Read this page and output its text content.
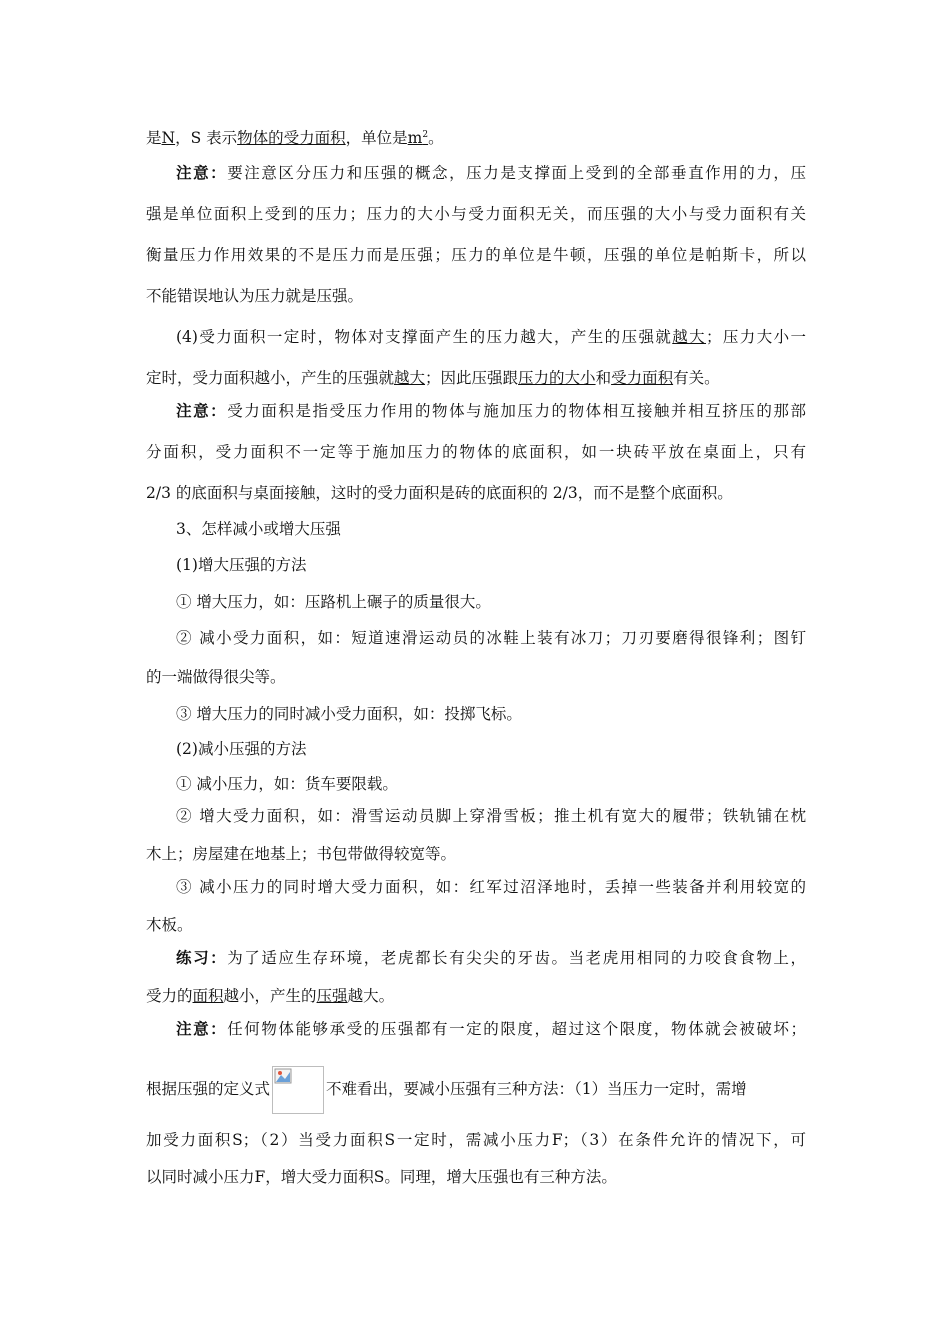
是N，S 表示物体的受力面积，单位是$m^2$。
注意：要注意区分压力和压强的概念，压力是支撑面上受到的全部垂直作用的力，压
强是单位面积上受到的压力；压力的大小与受力面积无关，而压强的大小与受力面积有关
衡量压力作用效果的不是压力而是压强；压力的单位是牛顿，压强的单位是帕斯卡，所以
不能错误地认为压力就是压强。
(4)受力面积一定时，物体对支撑面产生的压力越大，产生的压强就越大；压力大小一
定时，受力面积越小，产生的压强就越大；因此压强跟压力的大小和受力面积有关。
注意：受力面积是指受压力作用的物体与施加压力的物体相互接触并相互挤压的那部
分面积，受力面积不一定等于施加压力的物体的底面积，如一块砖平放在桌面上，只有
2/3 的底面积与桌面接触，这时的受力面积是砖的底面积的 2/3，而不是整个底面积。
3、怎样减小或增大压强
(1)增大压强的方法
① 增大压力，如：压路机上碾子的质量很大。
② 减小受力面积，如：短道速滑运动员的冰鞋上装有冰刀；刀刃要磨得很锋利；图钉
的一端做得很尖等。
③ 增大压力的同时减小受力面积，如：投掷飞标。
(2)减小压强的方法
① 减小压力，如：货车要限载。
② 增大受力面积，如：滑雪运动员脚上穿滑雪板；推土机有宽大的履带；铁轨铺在枕
木上；房屋建在地基上；书包带做得较宽等。
③ 减小压力的同时增大受力面积，如：红军过沼泽地时，丢掉一些装备并利用较宽的
木板。
练习：为了适应生存环境，老虎都长有尖尖的牙齿。当老虎用相同的力咬食食物上，
受力的面积越小，产生的压强越大。
注意：任何物体能够承受的压强都有一定的限度，超过这个限度，物体就会被破坏；
根据压强的定义式	不难看出，要减小压强有三种方法：（1）当压力一定时，需增
加受力面积S；（2）当受力面积S一定时，需减小压力F；（3）在条件允许的情况下，可
以同时减小压力F，增大受力面积S。同理，增大压强也有三种方法。
